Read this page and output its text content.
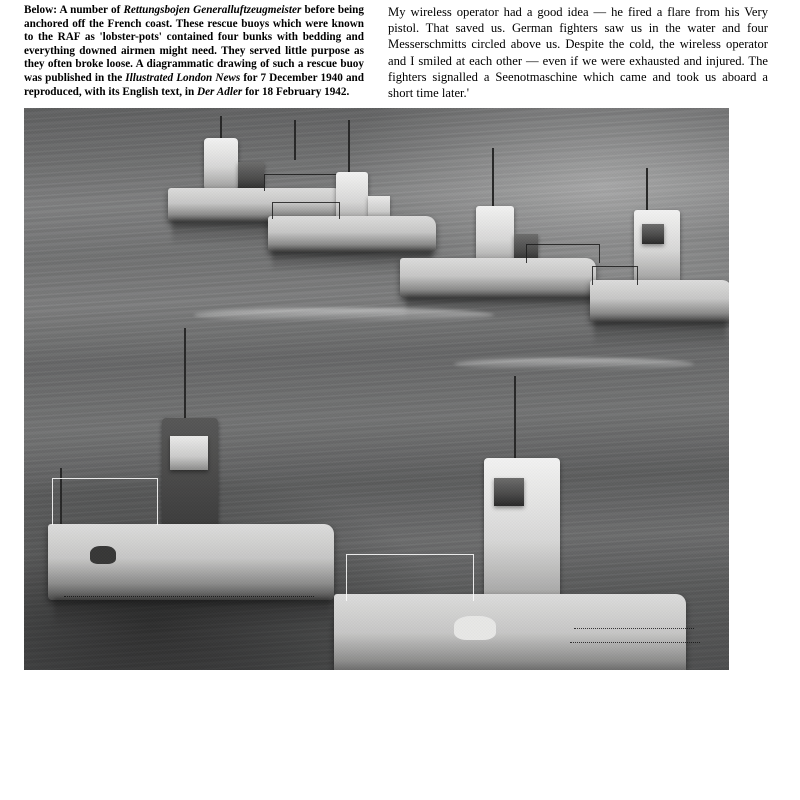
Below: A number of Rettungsbojen Generalluftzeugmeister before being anchored off the French coast. These rescue buoys which were known to the RAF as 'lobster-pots' contained four bunks with bedding and everything downed airmen might need. They served little purpose as they often broke loose. A diagrammatic drawing of such a rescue buoy was published in the Illustrated London News for 7 December 1940 and reproduced, with its English text, in Der Adler for 18 February 1942.
My wireless operator had a good idea — he fired a flare from his Very pistol. That saved us. German fighters saw us in the water and four Messerschmitts circled above us. Despite the cold, the wireless operator and I smiled at each other — even if we were exhausted and injured. The fighters signalled a Seenotmaschine which came and took us aboard a short time later.'
